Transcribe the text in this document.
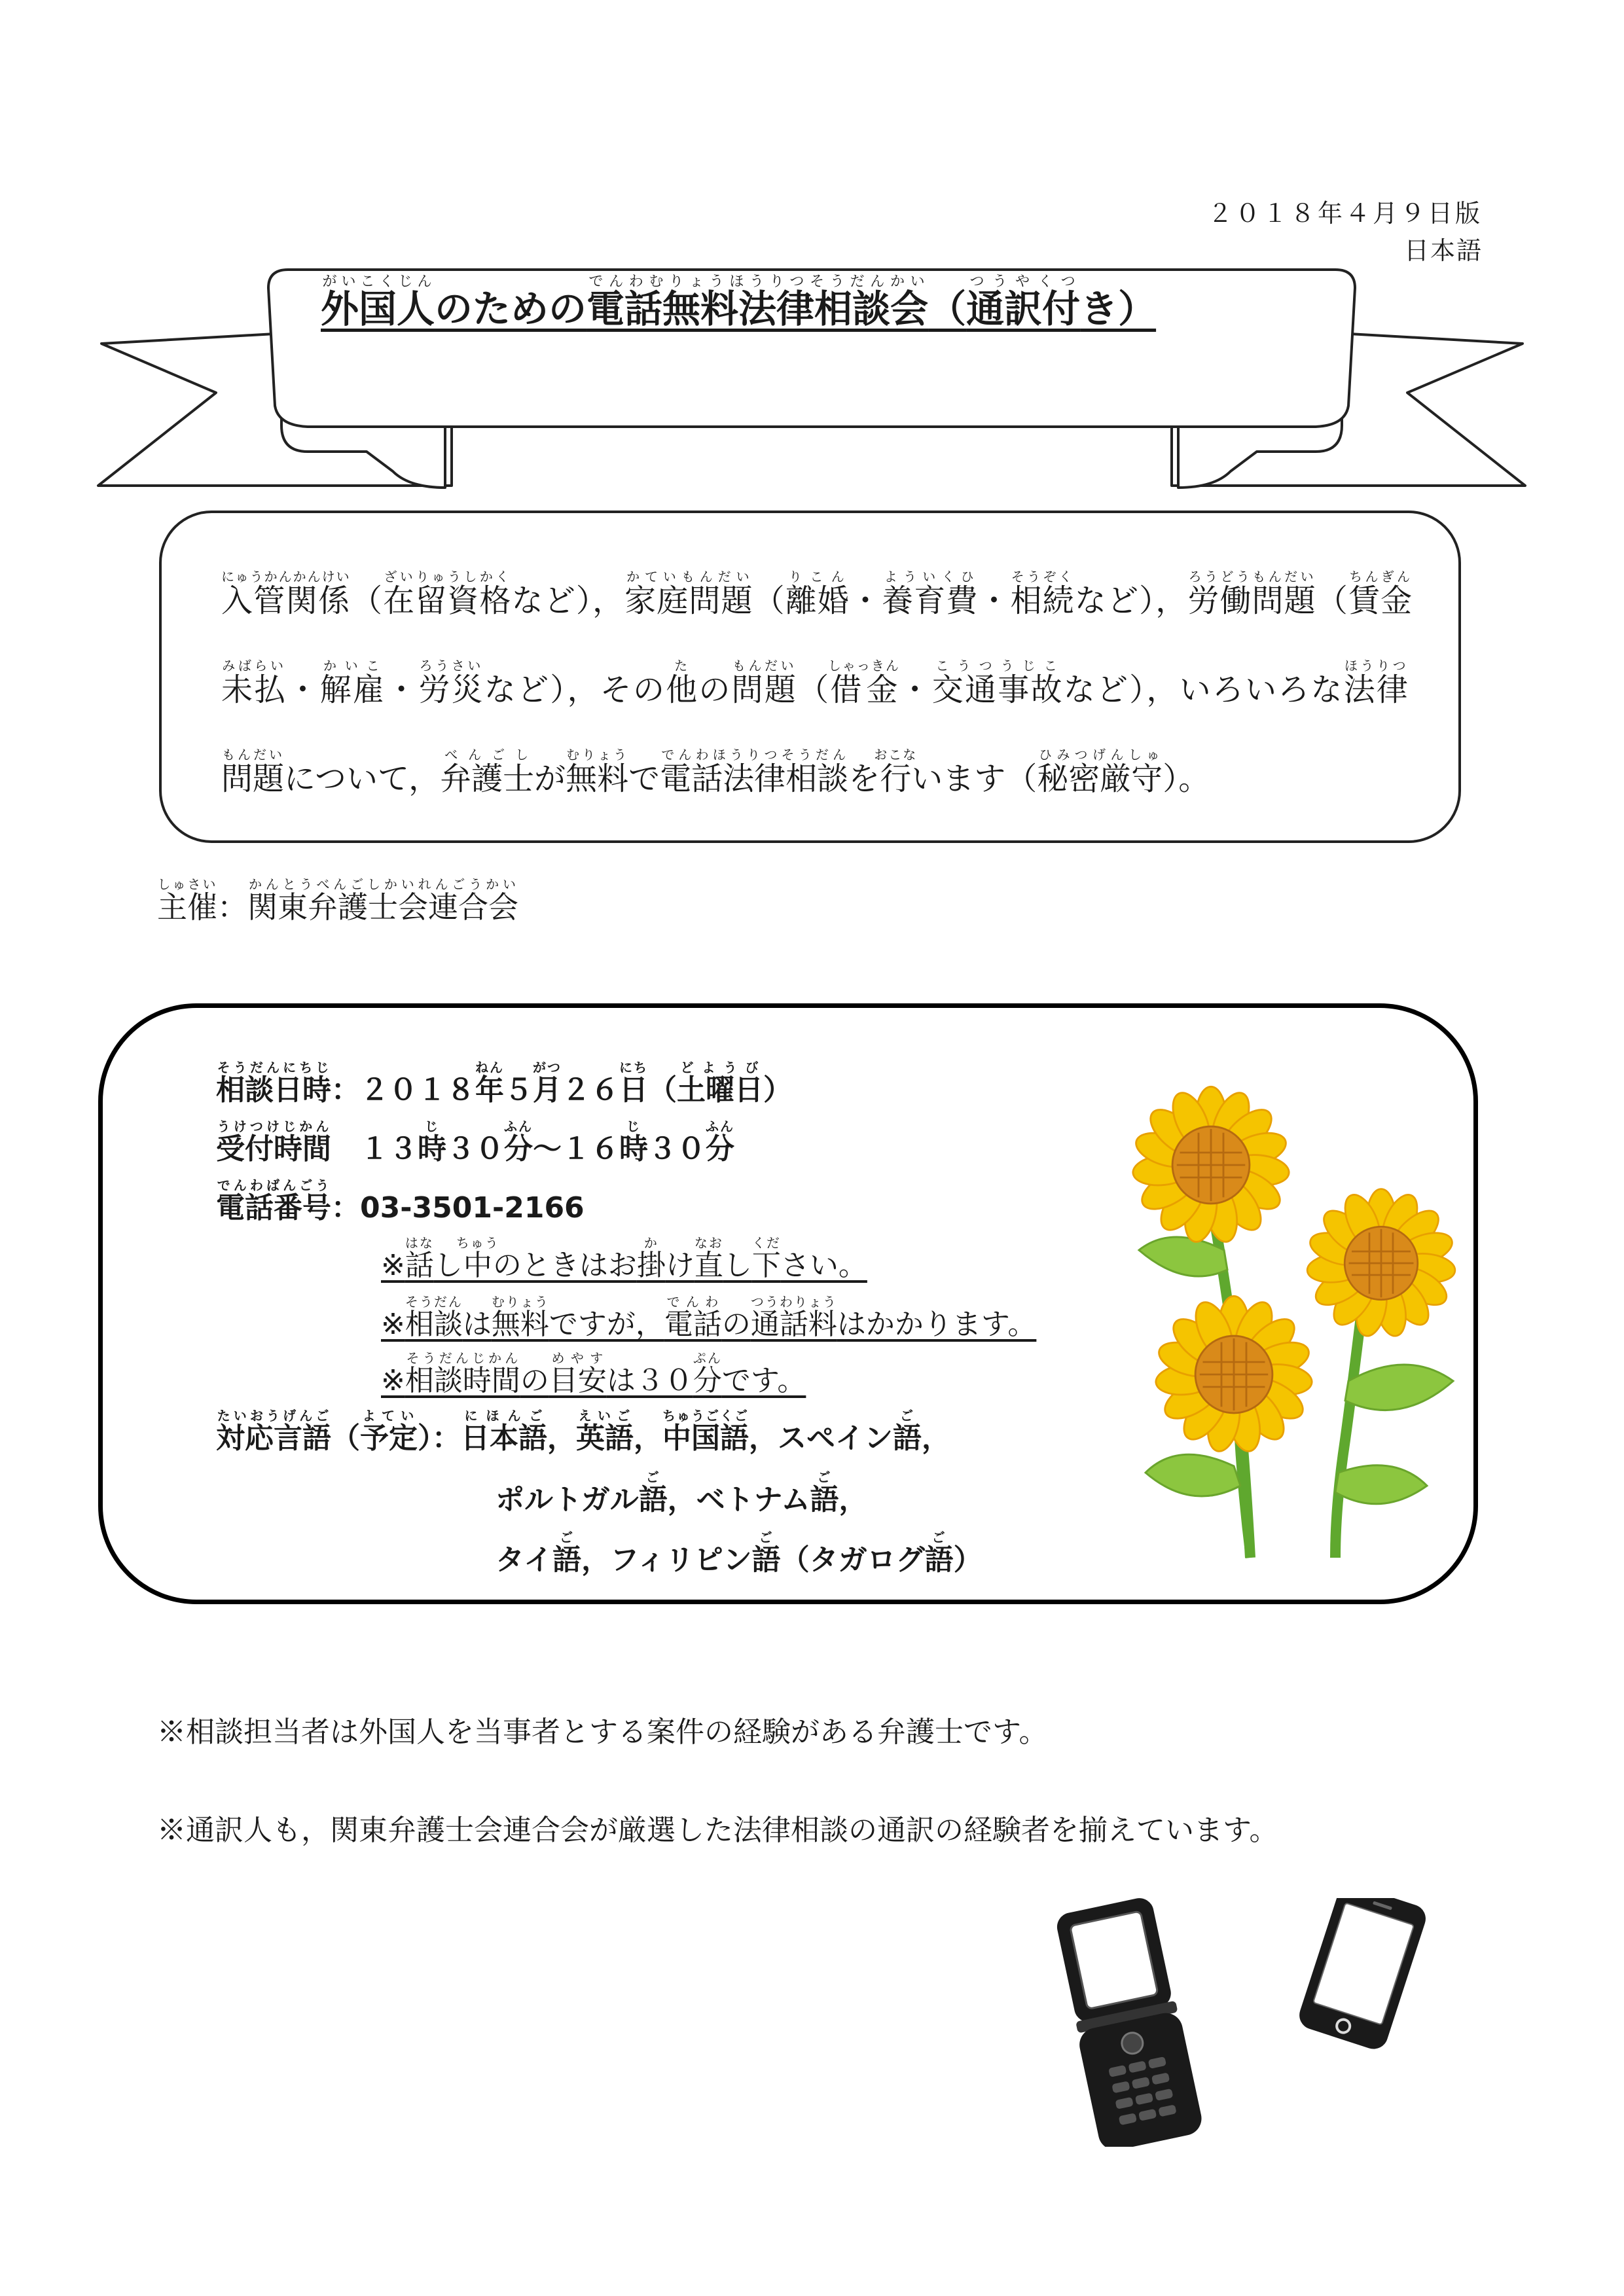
２０１８年４月９日版
日本語
外国人がいこくじんのための電話無料法律相談会でんわむりょうほうりつそうだんかい（通訳付つうやくつき）
入管関係にゅうかんかんけい（在留資格ざいりゅうしかくなど），家庭問題かていもんだい（離婚りこん・養育費よういくひ・相続そうぞくなど），労働問題ろうどうもんだい（賃金ちんぎん未払みばらい・解雇かいこ・労災ろうさいなど），その他たの問題もんだい（借金しゃっきん・交通事故こうつうじこなど），いろいろな法律ほうりつ問題もんだいについて，弁護士べんごしが無料むりょうで電話法律相談でんわほうりつそうだんを行おこないます（秘密厳守ひみつげんしゅ）。
主催しゅさい：関東弁護士会連合会かんとうべんごしかいれんごうかい
相談日時そうだんにちじ：２０１８年ねん５月がつ２６日にち（土曜日どようび）
受付時間うけつけじかん　１３時じ３０分ふん～１６時じ３０分ふん
電話番号でんわばんごう：03-3501-2166
※話はなし中ちゅうのときはお掛かけ直なおし下ください。
※相談そうだんは無料むりょうですが，電話でんわの通話料つうわりょうはかかります。
※相談時間そうだんじかんの目安めやすは３０分ぷんです。
対応言語たいおうげんご（予定よてい）：日本語にほんご，英語えいご，中国語ちゅうごくご，スペイン語ご，
ポルトガル語ご，ベトナム語ご，
タイ語ご，フィリピン語ご（タガログ語ご）
※相談担当者は外国人を当事者とする案件の経験がある弁護士です。
※通訳人も，関東弁護士会連合会が厳選した法律相談の通訳の経験者を揃えています。
